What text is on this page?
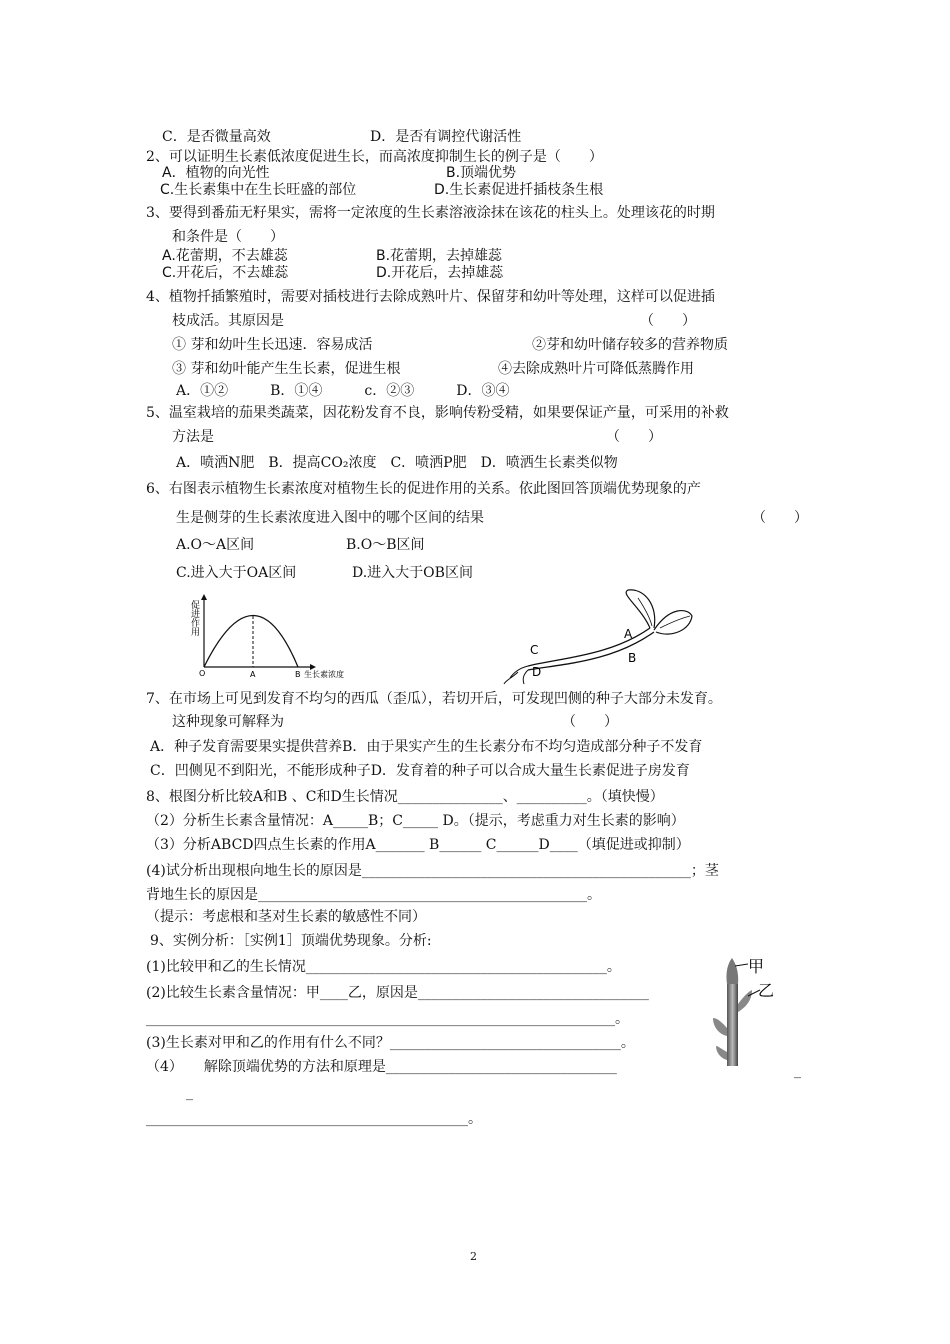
C．是否微量高效	D．是否有调控代谢活性
2、可以证明生长素低浓度促进生长，而高浓度抑制生长的例子是（　　）
A．植物的向光性	B.顶端优势
C.生长素集中在生长旺盛的部位	D.生长素促进扦插枝条生根
3、要得到番茄无籽果实，需将一定浓度的生长素溶液涂抹在该花的柱头上。处理该花的时期
和条件是（　　）
A.花蕾期，不去雄蕊	B.花蕾期，去掉雄蕊
C.开花后，不去雄蕊	D.开花后，去掉雄蕊
4、植物扦插繁殖时，需要对插枝进行去除成熟叶片、保留芽和幼叶等处理，这样可以促进插
枝成活。其原因是	（　　）
① 芽和幼叶生长迅速．容易成活	②芽和幼叶储存较多的营养物质
③ 芽和幼叶能产生生长素，促进生根	④去除成熟叶片可降低蒸腾作用
A．①②　　　B．①④　　　c．②③　　　D．③④
5、温室栽培的茄果类蔬菜，因花粉发育不良，影响传粉受精，如果要保证产量，可采用的补救
方法是	（　　）
A．喷洒N肥　B．提高CO₂浓度　C．喷洒P肥　D．喷洒生长素类似物
6、右图表示植物生长素浓度对植物生长的促进作用的关系。依此图回答顶端优势现象的产
生是侧芽的生长素浓度进入图中的哪个区间的结果	（　　）
A.O～A区间	B.O～B区间
C.进入大于OA区间	D.进入大于OB区间
促进作用
O	A	B 生长素浓度
A
B
C
D
7、在市场上可见到发育不均匀的西瓜（歪瓜），若切开后，可发现凹侧的种子大部分未发育。
这种现象可解释为	（　　）
A．种子发育需要果实提供营养B．由于果实产生的生长素分布不均匀造成部分种子不发育
C．凹侧见不到阳光，不能形成种子D．发育着的种子可以合成大量生长素促进子房发育
8、根图分析比较A和B 、C和D生长情况_______________、__________。（填快慢）
（2）分析生长素含量情况：A_____B；C_____ D。（提示，考虑重力对生长素的影响）
（3）分析ABCD四点生长素的作用A_______ B______ C______D____（填促进或抑制）
(4)试分析出现根向地生长的原因是_______________________________________________；茎
背地生长的原因是_______________________________________________。
（提示：考虑根和茎对生长素的敏感性不同）
9、实例分析：［实例1］顶端优势现象。分析:
(1)比较甲和乙的生长情况___________________________________________。
(2)比较生长素含量情况：甲____乙，原因是_________________________________
___________________________________________________________________。
(3)生长素对甲和乙的作用有什么不同？_________________________________。
（4）　　解除顶端优势的方法和原理是_________________________________	_
_
______________________________________________。
甲
乙
2
